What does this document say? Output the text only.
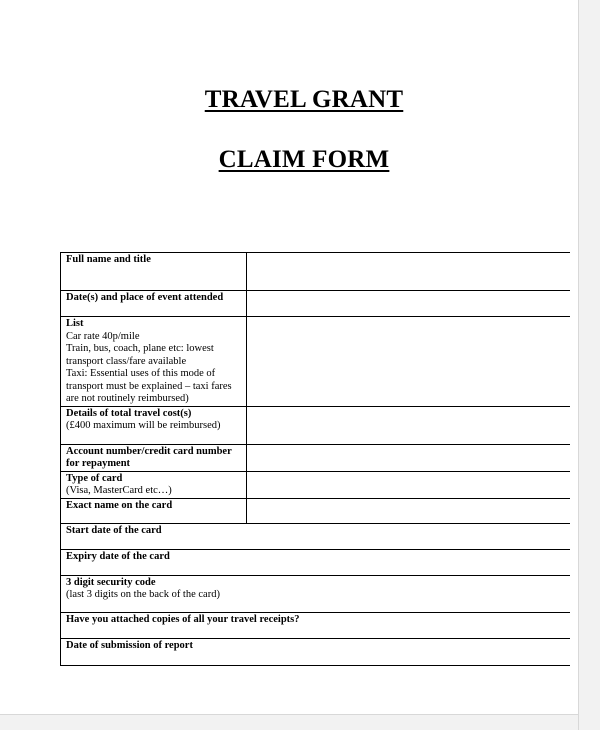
TRAVEL GRANT
CLAIM FORM
Full name and title	

Date(s) and place of event attended	

List
Car rate 40p/mile
Train, bus, coach, plane etc: lowest transport class/fare available
Taxi: Essential uses of this mode of transport must be explained – taxi fares are not routinely reimbursed)	

Details of total travel cost(s)
(£400 maximum will be reimbursed)	

Account number/credit card number for repayment	

Type of card
(Visa, MasterCard etc…)	

Exact name on the card	

Start date of the card	

Expiry date of the card	

3 digit security code
(last 3 digits on the back of the card)	

Have you attached copies of all your travel receipts?	

Date of submission of report	
